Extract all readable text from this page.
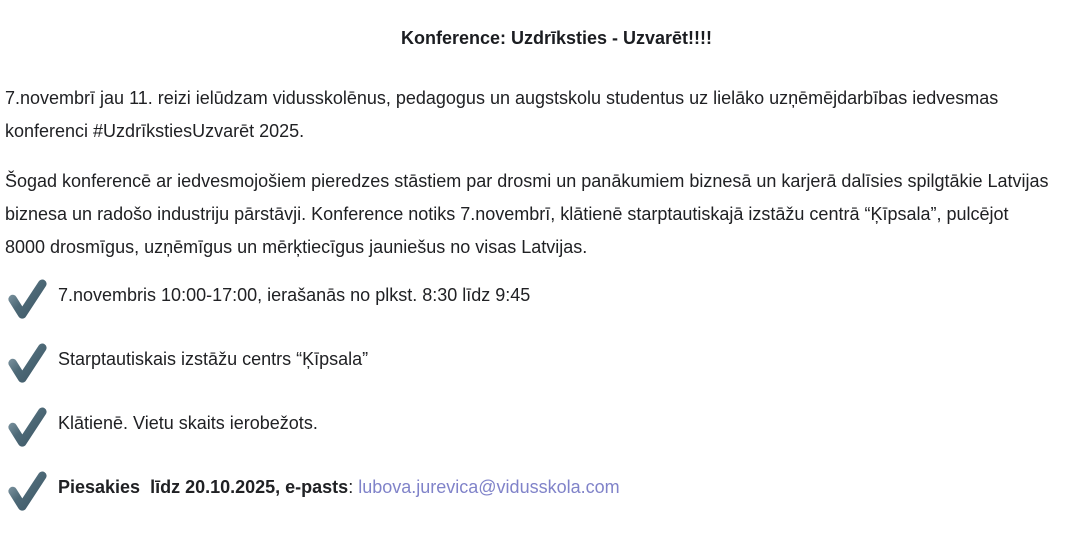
Konference: Uzdrīksties - Uzvarēt!!!!

7.novembrī jau 11. reizi ielūdzam vidusskolēnus, pedagogus un augstskolu studentus uz lielāko uzņēmējdarbības iedvesmas konferenci #UzdrīkstiesUzvarēt 2025.

Šogad konferencē ar iedvesmojošiem pieredzes stāstiem par drosmi un panākumiem biznesā un karjerā dalīsies spilgtākie Latvijas biznesa un radošo industriju pārstāvji. Konference notiks 7.novembrī, klātienē starptautiskajā izstāžu centrā “Ķīpsala”, pulcējot 8000 drosmīgus, uzņēmīgus un mērķtiecīgus jauniešus no visas Latvijas.

7.novembris 10:00-17:00, ierašanās no plkst. 8:30 līdz 9:45
Starptautiskais izstāžu centrs “Ķīpsala”
Klātienē. Vietu skaits ierobežots.
Piesakies  līdz 20.10.2025, e-pasts: lubova.jurevica@vidusskola.com
